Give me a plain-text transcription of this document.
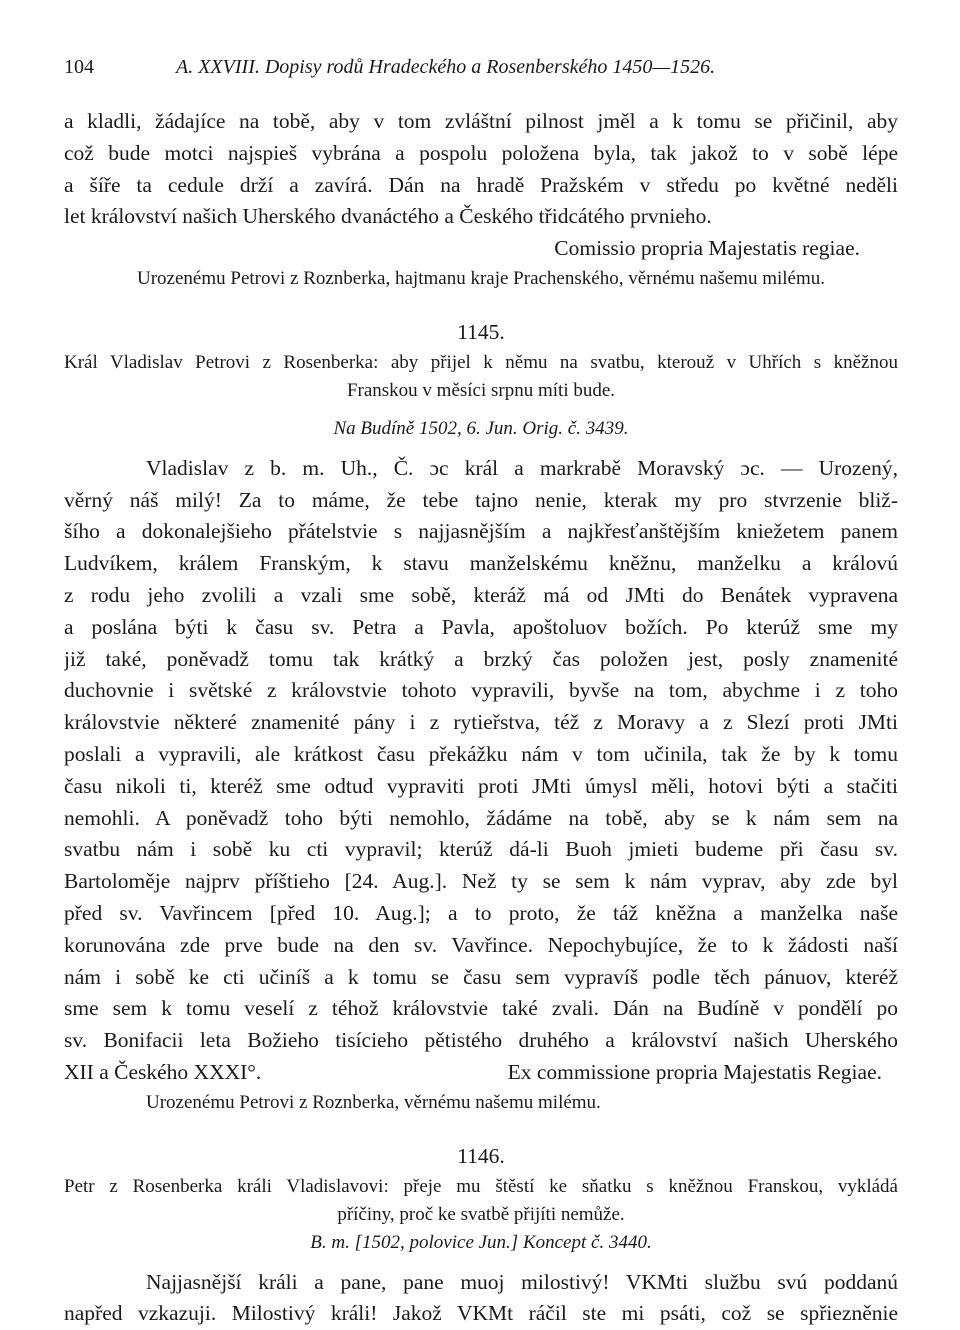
104	A. XXVIII. Dopisy rodů Hradeckého a Rosenberského 1450—1526.
a kladli, žádajíce na tobě, aby v tom zvláštní pilnost jměl a k tomu se přičinil, aby
což bude motci najspieš vybrána a pospolu položena byla, tak jakož to v sobě lépe
a šíře ta cedule drží a zavírá. Dán na hradě Pražském v středu po květné neděli
let království našich Uherského dvanáctého a Českého třidcátého prvnieho.
Comissio propria Majestatis regiae.
Urozenému Petrovi z Roznberka, hajtmanu kraje Prachenského, věrnému našemu milému.
1145.
Král Vladislav Petrovi z Rosenberka: aby přijel k němu na svatbu, kterouž v Uhřích s kněžnou
Franskou v měsíci srpnu míti bude.
Na Budíně 1502, 6. Jun. Orig. č. 3439.
Vladislav z b. m. Uh., Č. ɔc král a markrabě Moravský ɔc. — Urozený,
věrný náš milý! Za to máme, že tebe tajno nenie, kterak my pro stvrzenie bliž-
šího a dokonalejšieho přátelstvie s najjasnějším a najkřesťanštějším kniežetem panem
Ludvíkem, králem Franským, k stavu manželskému kněžnu, manželku a královú
z rodu jeho zvolili a vzali sme sobě, kteráž má od JMti do Benátek vypravena
a poslána býti k času sv. Petra a Pavla, apoštoluov božích. Po kterúž sme my
již také, poněvadž tomu tak krátký a brzký čas položen jest, posly znamenité
duchovnie i světské z královstvie tohoto vypravili, byvše na tom, abychme i z toho
královstvie některé znamenité pány i z rytieřstva, též z Moravy a z Slezí proti JMti
poslali a vypravili, ale krátkost času překážku nám v tom učinila, tak že by k tomu
času nikoli ti, kteréž sme odtud vypraviti proti JMti úmysl měli, hotovi býti a stačiti
nemohli. A poněvadž toho býti nemohlo, žádáme na tobě, aby se k nám sem na
svatbu nám i sobě ku cti vypravil; kterúž dá-li Buoh jmieti budeme při času sv.
Bartoloměje najprv příštieho [24. Aug.]. Než ty se sem k nám vyprav, aby zde byl
před sv. Vavřincem [před 10. Aug.]; a to proto, že táž kněžna a manželka naše
korunována zde prve bude na den sv. Vavřince. Nepochybujíce, že to k žádosti naší
nám i sobě ke cti učiníš a k tomu se času sem vypravíš podle těch pánuov, kteréž
sme sem k tomu veselí z téhož královstvie také zvali. Dán na Budíně v pondělí po
sv. Bonifacii leta Božieho tisícieho pětistého druhého a království našich Uherského
XII a Českého XXXI°.	Ex commissione propria Majestatis Regiae.
Urozenému Petrovi z Roznberka, věrnému našemu milému.
1146.
Petr z Rosenberka králi Vladislavovi: přeje mu štěstí ke sňatku s kněžnou Franskou, vykládá
příčiny, proč ke svatbě přijíti nemůže.
B. m. [1502, polovice Jun.] Koncept č. 3440.
Najjasnější králi a pane, pane muoj milostivý! VKMti službu svú poddanú
napřed vzkazuji. Milostivý králi! Jakož VKMt ráčil ste mi psáti, což se spřiezněnie
